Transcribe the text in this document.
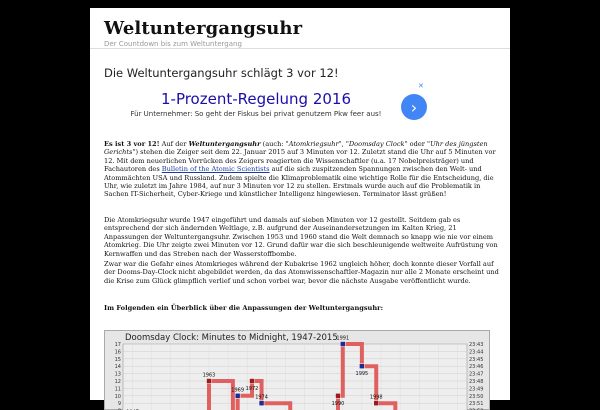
Weltuntergangsuhr
Der Countdown bis zum Weltuntergang
Die Weltuntergangsuhr schlägt 3 vor 12!
1-Prozent-Regelung 2016
Für Unternehmer: So geht der Fiskus bei privat genutzem Pkw feer aus!	›
✕
Es ist 3 vor 12! Auf der Weltuntergangsuhr (auch: "Atomkriegsuhr", "Doomsday Clock" oder "Uhr des jüngsten Gerichts") stehen die Zeiger seit dem 22. Januar 2015 auf 3 Minuten vor 12. Zuletzt stand die Uhr auf 5 Minuten vor 12. Mit dem neuerlichen Vorrücken des Zeigers reagierten die Wissenschaftler (u.a. 17 Nobelpreisträger) und Fachautoren des Bulletin of the Atomic Scientists auf die sich zuspitzenden Spannungen zwischen den Welt- und Atommächten USA und Russland. Zudem spielte die Klimaproblematik eine wichtige Rolle für die Entscheidung, die Uhr, wie zuletzt im Jahre 1984, auf nur 3 Minuten vor 12 zu stellen. Erstmals wurde auch auf die Problematik in Sachen IT-Sicherheit, Cyber-Kriege und künstlicher Intelligenz hingewiesen. Terminator lässt grüßen!
Die Atomkriegsuhr wurde 1947 eingeführt und damals auf sieben Minuten vor 12 gestellt. Seitdem gab es entsprechend der sich ändernden Weltlage, z.B. aufgrund der Auseinandersetzungen im Kalten Krieg, 21 Anpassungen der Weltuntergangsuhr. Zwischen 1953 und 1960 stand die Welt demnach so knapp wie nie vor einem Atomkrieg. Die Uhr zeigte zwei Minuten vor 12. Grund dafür war die sich beschleunigende weltweite Aufrüstung von Kernwaffen und das Streben nach der Wasserstoffbombe.
Zwar war die Gefahr eines Atomkrieges während der Kubakrise 1962 ungleich höher, doch konnte dieser Vorfall auf der Dooms-Day-Clock nicht abgebildet werden, da das Atomwissenschaftler-Magazin nur alle 2 Monate erscheint und die Krise zum Glück glimpflich verlief und schon vorbei war, bevor die nächste Ausgabe veröffentlicht wurde.
Im Folgenden ein Überblick über die Anpassungen der Weltuntergangsuhr:
Doomsday Clock: Minutes to Midnight, 1947-2015
17	23:43
16	23:44
15	23:45
14	23:46
13	23:47
12	23:48
11	23:49
10	23:50
9	23:51
1963
1969 1972
1974
1990
1991
1995
1998
